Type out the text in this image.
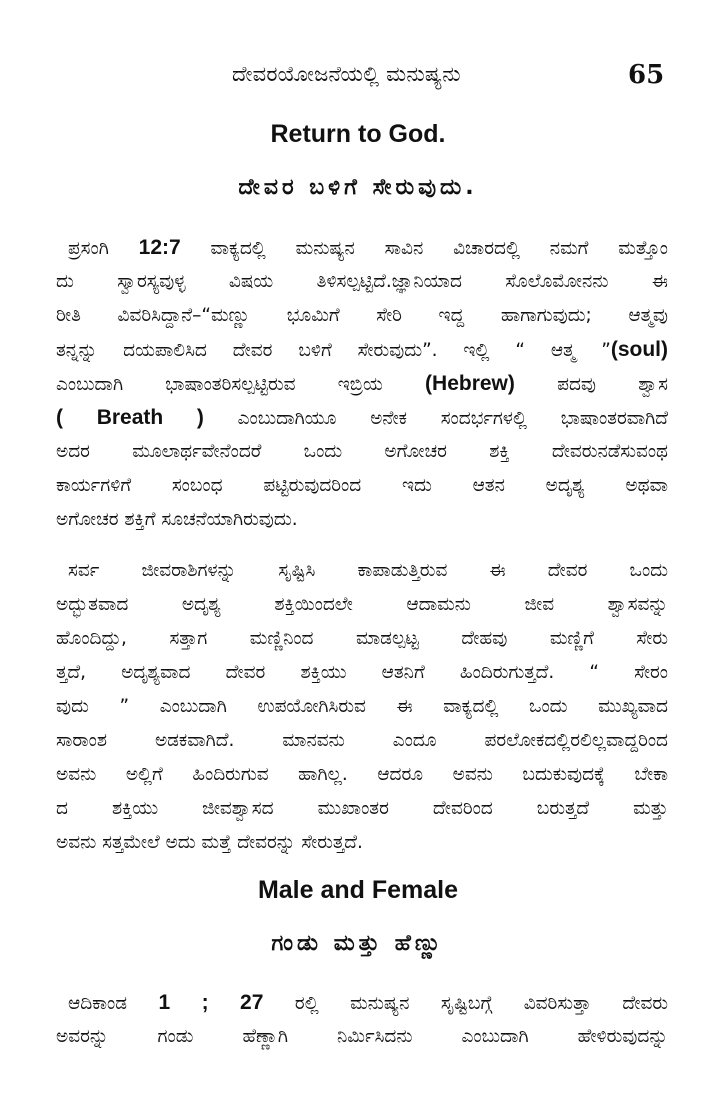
ದೇವರಯೋಜನೆಯಲ್ಲಿ ಮನುಷ್ಯನು	65
Return to God.
ದೇವರ ಬಳಿಗೆ ಸೇರುವುದು.
ಪ್ರಸಂಗಿ 12:7 ವಾಕ್ಯದಲ್ಲಿ ಮನುಷ್ಯನ ಸಾವಿನ ವಿಚಾರದಲ್ಲಿ ನಮಗೆ ಮತ್ತೊಂ
ದು ಸ್ವಾರಸ್ಯವುಳ್ಳ ವಿಷಯ ತಿಳಿಸಲ್ಪಟ್ಟಿದೆ.ಜ್ಞಾನಿಯಾದ ಸೊಲೊಮೋನನು ಈ
ರೀತಿ ವಿವರಿಸಿದ್ದಾನೆ–“ಮಣ್ಣು ಭೂಮಿಗೆ ಸೇರಿ ಇದ್ದ ಹಾಗಾಗುವುದು; ಆತ್ಮವು
ತನ್ನನ್ನು ದಯಪಾಲಿಸಿದ ದೇವರ ಬಳಿಗೆ ಸೇರುವುದು”. ಇಲ್ಲಿ “ ಆತ್ಮ ”(soul)
ಎಂಬುದಾಗಿ ಭಾಷಾಂತರಿಸಲ್ಪಟ್ಟಿರುವ ಇಬ್ರಿಯ (Hebrew) ಪದವು ಶ್ವಾಸ
( Breath ) ಎಂಬುದಾಗಿಯೂ ಅನೇಕ ಸಂದರ್ಭಗಳಲ್ಲಿ ಭಾಷಾಂತರವಾಗಿದೆ
ಅದರ ಮೂಲಾರ್ಥವೇನೆಂದರೆ ಒಂದು ಅಗೋಚರ ಶಕ್ತಿ ದೇವರುನಡೆಸುವಂಥ
ಕಾರ್ಯಗಳಿಗೆ ಸಂಬಂಧ ಪಟ್ಟಿರುವುದರಿಂದ ಇದು ಆತನ ಅದೃಶ್ಯ ಅಥವಾ
ಅಗೋಚರ ಶಕ್ತಿಗೆ ಸೂಚನೆಯಾಗಿರುವುದು.
ಸರ್ವ ಜೀವರಾಶಿಗಳನ್ನು ಸೃಷ್ಟಿಸಿ ಕಾಪಾಡುತ್ತಿರುವ ಈ ದೇವರ ಒಂದು
ಅದ್ಭುತವಾದ ಅದೃಶ್ಯ ಶಕ್ತಿಯಿಂದಲೇ ಆದಾಮನು ಜೀವ ಶ್ವಾಸವನ್ನು
ಹೊಂದಿದ್ದು, ಸತ್ತಾಗ ಮಣ್ಣಿನಿಂದ ಮಾಡಲ್ಪಟ್ಟ ದೇಹವು ಮಣ್ಣಿಗೆ ಸೇರು
ತ್ತದೆ, ಅದೃಶ್ಯವಾದ ದೇವರ ಶಕ್ತಿಯು ಆತನಿಗೆ ಹಿಂದಿರುಗುತ್ತದೆ. “ ಸೇರಂ
ವುದು ” ಎಂಬುದಾಗಿ ಉಪಯೋಗಿಸಿರುವ ಈ ವಾಕ್ಯದಲ್ಲಿ ಒಂದು ಮುಖ್ಯವಾದ
ಸಾರಾಂಶ ಅಡಕವಾಗಿದೆ. ಮಾನವನು ಎಂದೂ ಪರಲೋಕದಲ್ಲಿರಲಿಲ್ಲವಾದ್ದರಿಂದ
ಅವನು ಅಲ್ಲಿಗೆ ಹಿಂದಿರುಗುವ ಹಾಗಿಲ್ಲ. ಆದರೂ ಅವನು ಬದುಕುವುದಕ್ಕೆ ಬೇಕಾ
ದ ಶಕ್ತಿಯು ಜೀವಶ್ವಾಸದ ಮುಖಾಂತರ ದೇವರಿಂದ ಬರುತ್ತದೆ ಮತ್ತು
ಅವನು ಸತ್ತಮೇಲೆ ಅದು ಮತ್ತೆ ದೇವರನ್ನು ಸೇರುತ್ತದೆ.
Male and Female
ಗಂಡು ಮತ್ತು ಹೆಣ್ಣು
ಆದಿಕಾಂಡ 1 ; 27 ರಲ್ಲಿ ಮನುಷ್ಯನ ಸೃಷ್ಟಿಬಗ್ಗೆ ವಿವರಿಸುತ್ತಾ ದೇವರು
ಅವರನ್ನು ಗಂಡು ಹೆಣ್ಣಾಗಿ ನಿರ್ಮಿಸಿದನು ಎಂಬುದಾಗಿ ಹೇಳಿರುವುದನ್ನು
